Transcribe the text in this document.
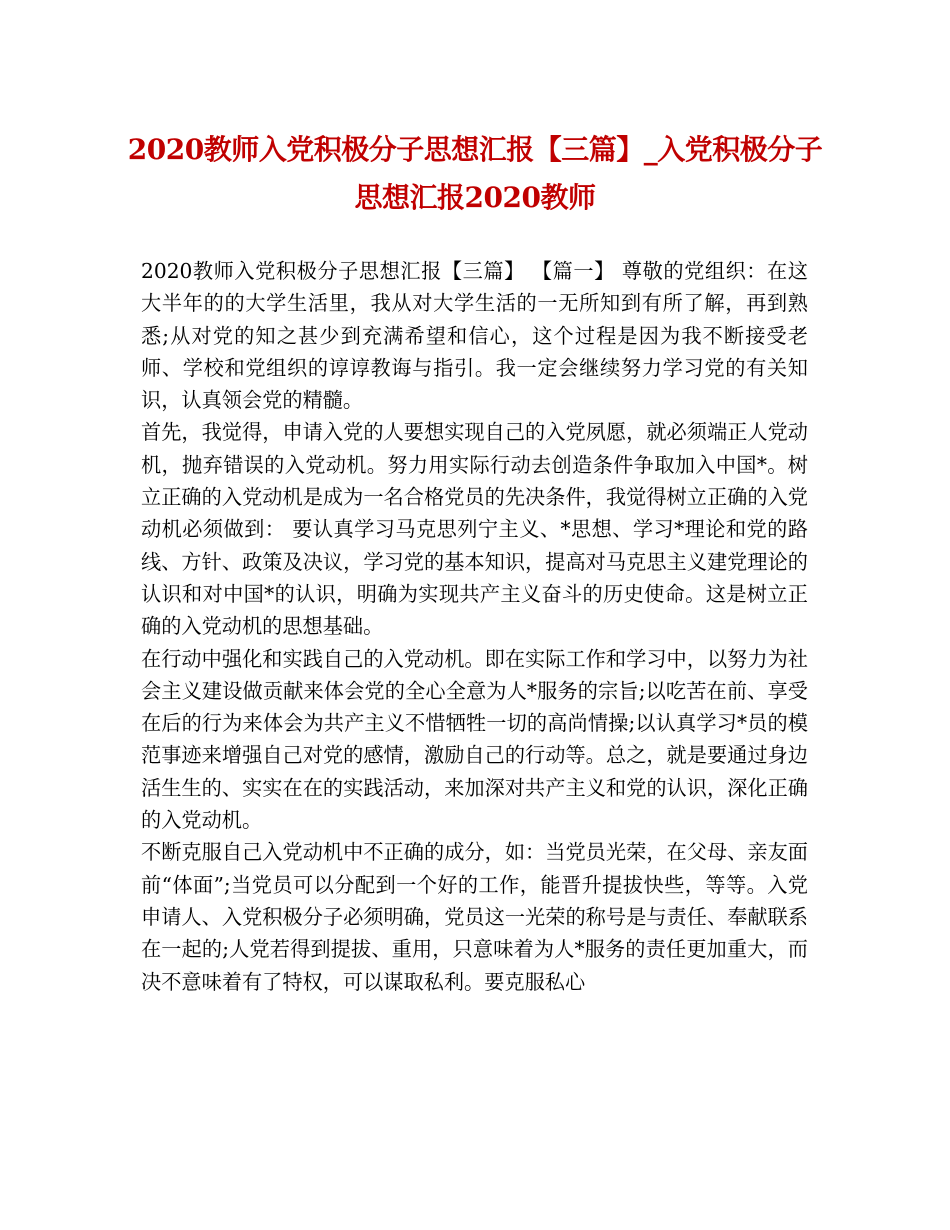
2020教师入党积极分子思想汇报【三篇】_入党积极分子思想汇报2020教师

2020教师入党积极分子思想汇报【三篇】 【篇一】 尊敬的党组织：在这大半年的的大学生活里，我从对大学生活的一无所知到有所了解，再到熟悉;从对党的知之甚少到充满希望和信心，这个过程是因为我不断接受老师、学校和党组织的谆谆教诲与指引。我一定会继续努力学习党的有关知识，认真领会党的精髓。

首先，我觉得，申请入党的人要想实现自己的入党夙愿，就必须端正人党动机，抛弃错误的入党动机。努力用实际行动去创造条件争取加入中国*。树立正确的入党动机是成为一名合格党员的先决条件，我觉得树立正确的入党动机必须做到： 要认真学习马克思列宁主义、*思想、学习*理论和党的路线、方针、政策及决议，学习党的基本知识，提高对马克思主义建党理论的认识和对中国*的认识，明确为实现共产主义奋斗的历史使命。这是树立正确的入党动机的思想基础。

在行动中强化和实践自己的入党动机。即在实际工作和学习中，以努力为社会主义建设做贡献来体会党的全心全意为人*服务的宗旨;以吃苦在前、享受在后的行为来体会为共产主义不惜牺牲一切的高尚情操;以认真学习*员的模范事迹来增强自己对党的感情，激励自己的行动等。总之，就是要通过身边活生生的、实实在在的实践活动，来加深对共产主义和党的认识，深化正确的入党动机。

不断克服自己入党动机中不正确的成分，如：当党员光荣，在父母、亲友面前“体面”;当党员可以分配到一个好的工作，能晋升提拔快些，等等。入党申请人、入党积极分子必须明确，党员这一光荣的称号是与责任、奉献联系在一起的;人党若得到提拔、重用，只意味着为人*服务的责任更加重大，而决不意味着有了特权，可以谋取私利。要克服私心
